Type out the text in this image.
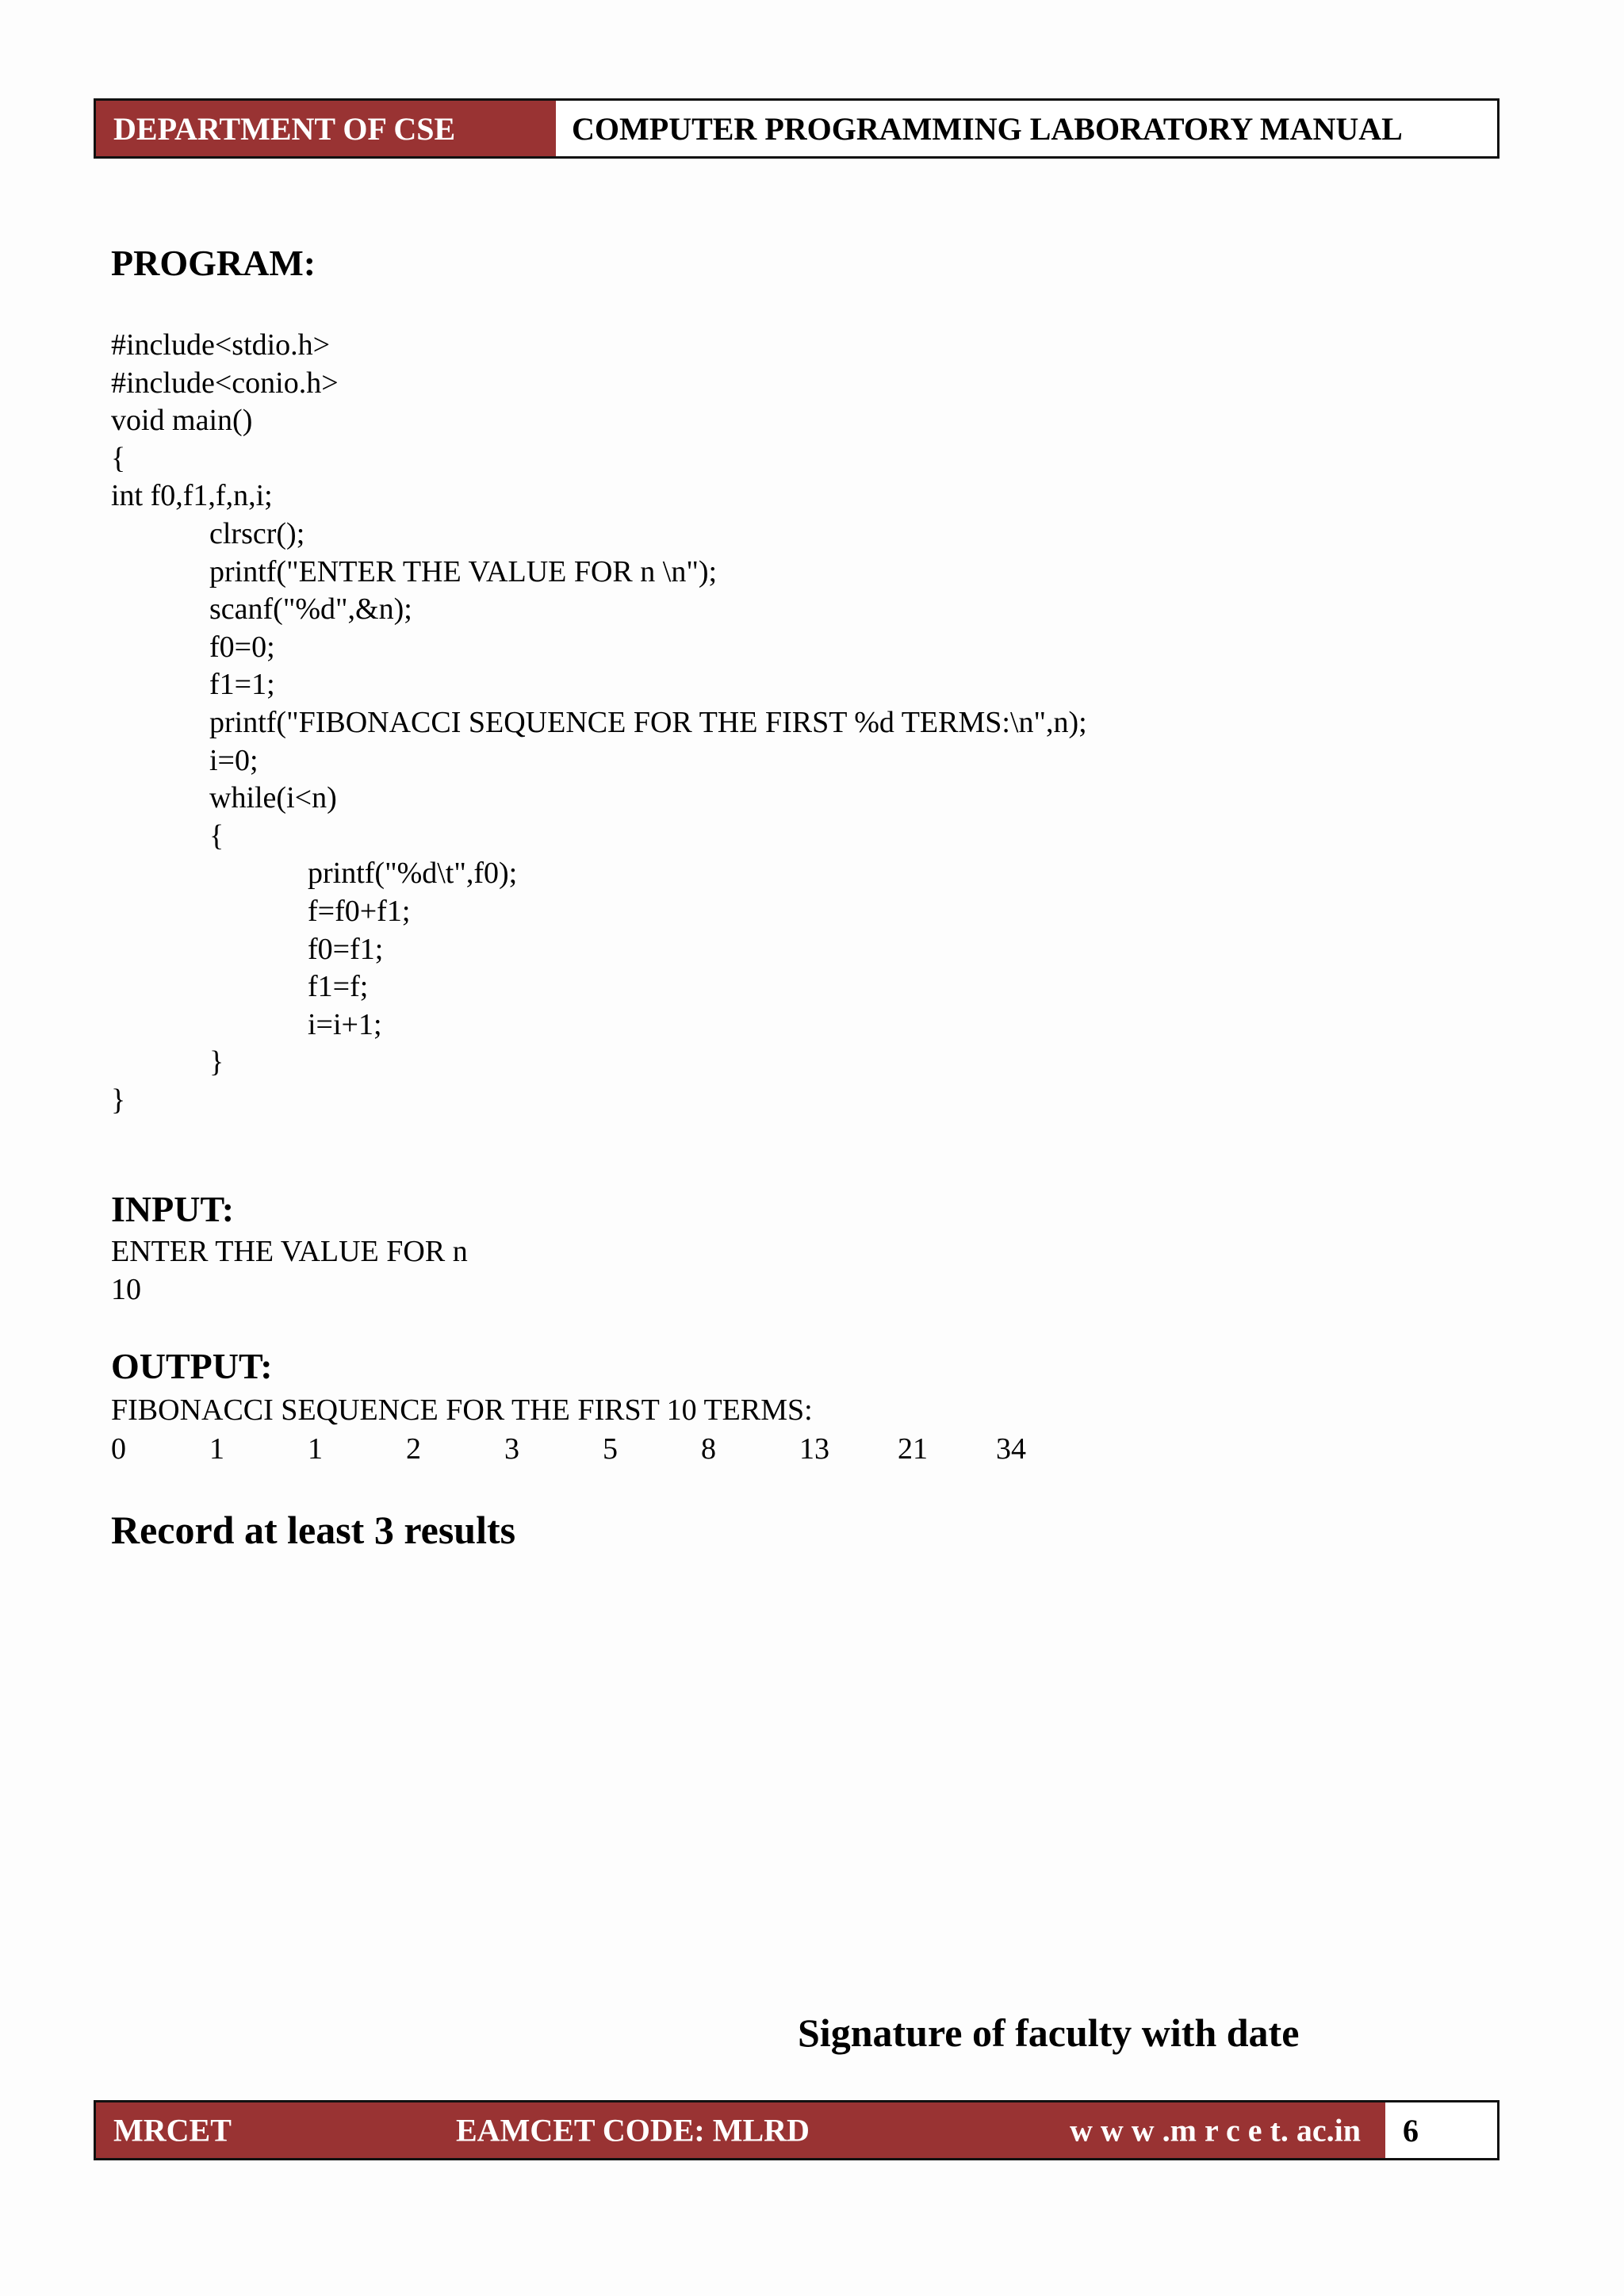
DEPARTMENT OF CSE	COMPUTER PROGRAMMING LABORATORY MANUAL
PROGRAM:
#include<stdio.h>
#include<conio.h>
void main()
{
int f0,f1,f,n,i;
clrscr();
printf("ENTER THE VALUE FOR n \n");
scanf("%d",&n);
f0=0;
f1=1;
printf("FIBONACCI SEQUENCE FOR THE FIRST %d TERMS:\n",n);
i=0;
while(i<n)
{
printf("%d\t",f0);
f=f0+f1;
f0=f1;
f1=f;
i=i+1;
}
}
INPUT:
ENTER THE VALUE FOR n
10
OUTPUT:
FIBONACCI SEQUENCE FOR THE FIRST 10 TERMS:
0	1	1	2	3	5	8	13 21 34
Record at least 3 results
Signature of faculty with date
MRCET	EAMCET CODE: MLRD	w w w .m r c e t. ac.in	6
